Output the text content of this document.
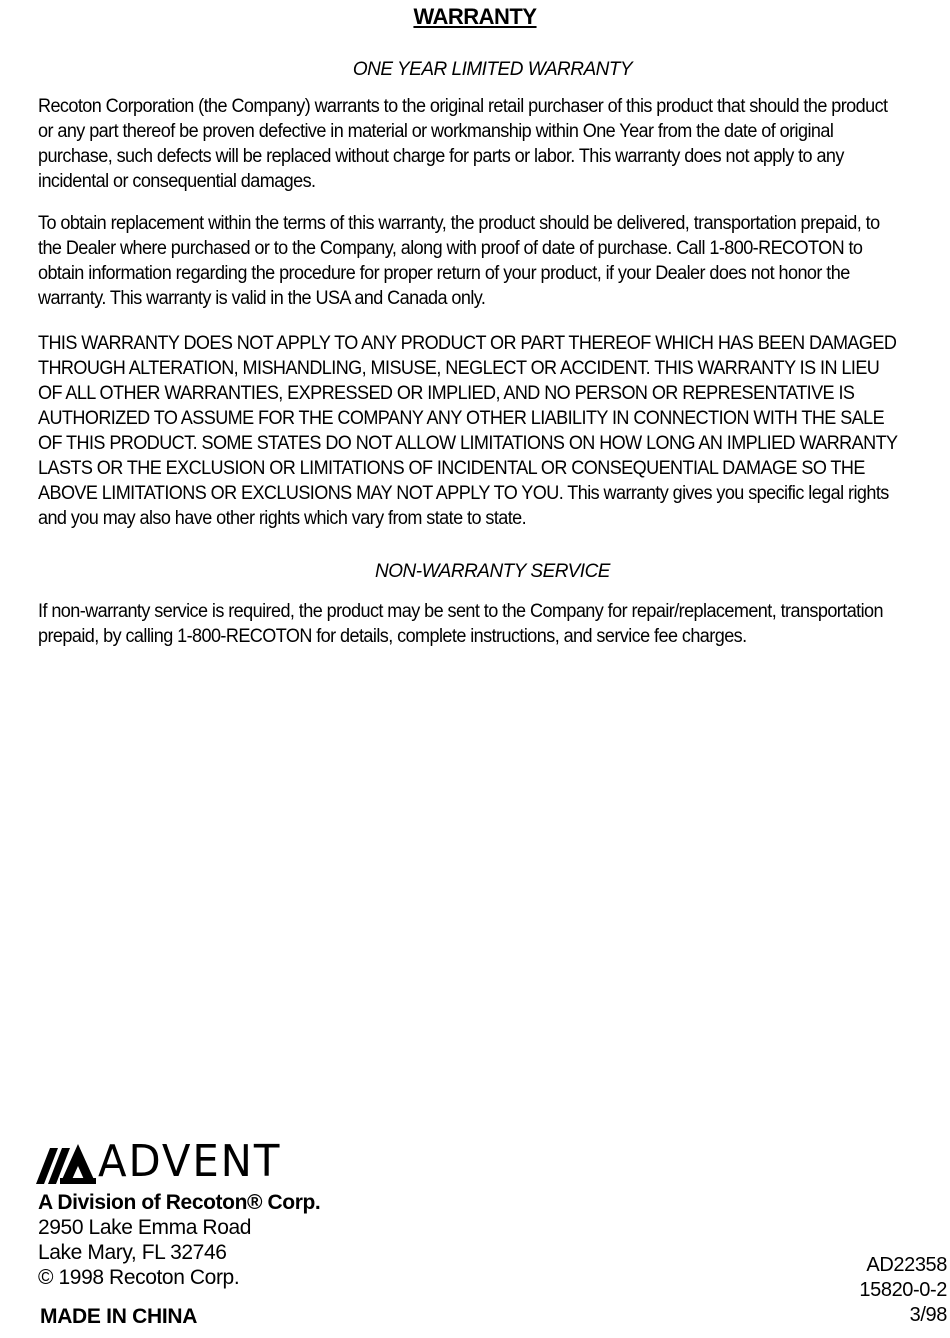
WARRANTY
ONE YEAR LIMITED WARRANTY

Recoton Corporation (the Company) warrants to the original retail purchaser of this product that should the product or any part thereof be proven defective in material or workmanship within One Year from the date of original purchase, such defects will be replaced without charge for parts or labor. This warranty does not apply to any incidental or consequential damages.

To obtain replacement within the terms of this warranty, the product should be delivered, transportation prepaid, to the Dealer where purchased or to the Company, along with proof of date of purchase. Call 1-800-RECOTON to obtain information regarding the procedure for proper return of your product, if your Dealer does not honor the warranty. This warranty is valid in the USA and Canada only.

THIS WARRANTY DOES NOT APPLY TO ANY PRODUCT OR PART THEREOF WHICH HAS BEEN DAMAGED THROUGH ALTERATION, MISHANDLING, MISUSE, NEGLECT OR ACCIDENT. THIS WARRANTY IS IN LIEU OF ALL OTHER WARRANTIES, EXPRESSED OR IMPLIED, AND NO PERSON OR REPRESENTATIVE IS AUTHORIZED TO ASSUME FOR THE COMPANY ANY OTHER LIABILITY IN CONNECTION WITH THE SALE OF THIS PRODUCT. SOME STATES DO NOT ALLOW LIMITATIONS ON HOW LONG AN IMPLIED WARRANTY LASTS OR THE EXCLUSION OR LIMITATIONS OF INCIDENTAL OR CONSEQUENTIAL DAMAGE SO THE ABOVE LIMITATIONS OR EXCLUSIONS MAY NOT APPLY TO YOU. This warranty gives you specific legal rights and you may also have other rights which vary from state to state.

NON-WARRANTY SERVICE

If non-warranty service is required, the product may be sent to the Company for repair/replacement, transportation prepaid, by calling 1-800-RECOTON for details, complete instructions, and service fee charges.

ADVENT
A Division of Recoton® Corp.
2950 Lake Emma Road
Lake Mary, FL 32746
© 1998 Recoton Corp.
MADE IN CHINA
AD22358
15820-0-2
3/98
